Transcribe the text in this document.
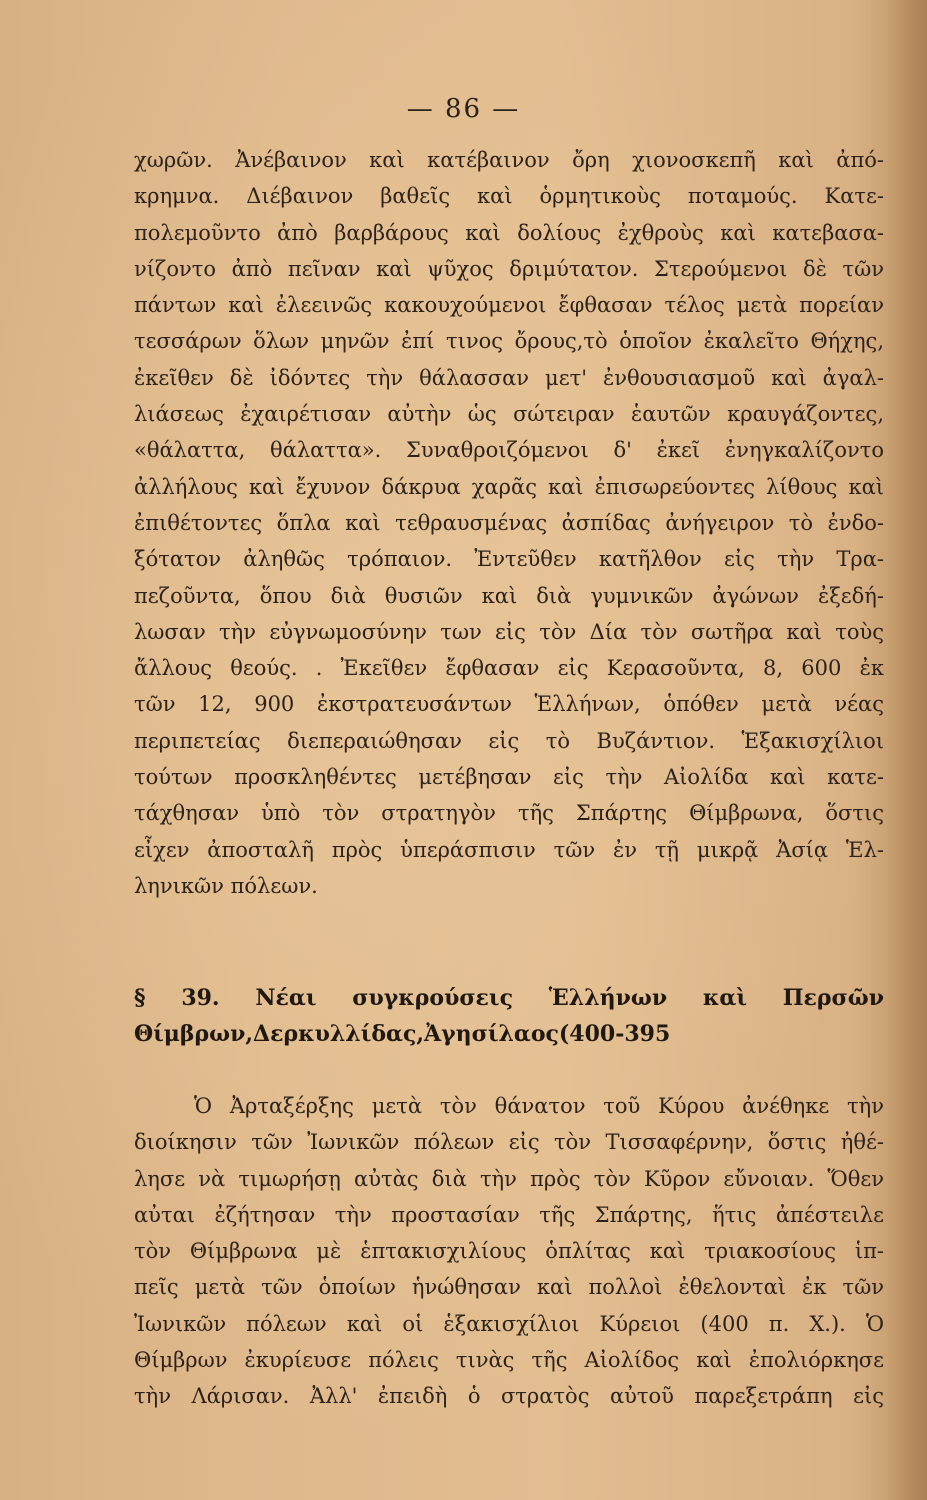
— 86 —
χωρῶν. Ἀνέβαινον καὶ κατέβαινον ὄρη χιονοσκεπῆ καὶ ἀπό-
κρημνα. Διέβαινον βαθεῖς καὶ ὁρμητικοὺς ποταμούς. Κατε-
πολεμοῦντο ἀπὸ βαρβάρους καὶ δολίους ἐχθροὺς καὶ κατεβασα-
νίζοντο ἀπὸ πεῖναν καὶ ψῦχος δριμύτατον. Στερούμενοι δὲ τῶν
πάντων καὶ ἐλεεινῶς κακουχούμενοι ἔφθασαν τέλος μετὰ πορείαν
τεσσάρων ὅλων μηνῶν ἐπί τινος ὄρους,τὸ ὁποῖον ἐκαλεῖτο Θήχης,
ἐκεῖθεν δὲ ἰδόντες τὴν θάλασσαν μετ' ἐνθουσιασμοῦ καὶ ἀγαλ-
λιάσεως ἐχαιρέτισαν αὐτὴν ὡς σώτειραν ἑαυτῶν κραυγάζοντες,
«θάλαττα, θάλαττα». Συναθροιζόμενοι δ' ἐκεῖ ἐνηγκαλίζοντο
ἀλλήλους καὶ ἔχυνον δάκρυα χαρᾶς καὶ ἐπισωρεύοντες λίθους καὶ
ἐπιθέτοντες ὅπλα καὶ τεθραυσμένας ἀσπίδας ἀνήγειρον τὸ ἐνδο-
ξότατον ἀληθῶς τρόπαιον. Ἐντεῦθεν κατῆλθον εἰς τὴν Τρα-
πεζοῦντα, ὅπου διὰ θυσιῶν καὶ διὰ γυμνικῶν ἀγώνων ἐξεδή-
λωσαν τὴν εὐγνωμοσύνην των εἰς τὸν Δία τὸν σωτῆρα καὶ τοὺς
ἄλλους θεούς. . Ἐκεῖθεν ἔφθασαν εἰς Κερασοῦντα, 8, 600 ἐκ
τῶν 12, 900 ἐκστρατευσάντων Ἑλλήνων, ὁπόθεν μετὰ νέας
περιπετείας διεπεραιώθησαν εἰς τὸ Βυζάντιον. Ἑξακισχίλιοι
τούτων προσκληθέντες μετέβησαν εἰς τὴν Αἰολίδα καὶ κατε-
τάχθησαν ὑπὸ τὸν στρατηγὸν τῆς Σπάρτης Θίμβρωνα, ὅστις
εἶχεν ἀποσταλῆ πρὸς ὑπεράσπισιν τῶν ἐν τῇ μικρᾷ Ἀσίᾳ Ἑλ-
ληνικῶν πόλεων.
§ 39. Νέαι συγκρούσεις Ἑλλήνων καὶ Περσῶν
Θίμβρων,Δερκυλλίδας,Ἀγησίλαος(400-395
Ὁ Ἀρταξέρξης μετὰ τὸν θάνατον τοῦ Κύρου ἀνέθηκε τὴν
διοίκησιν τῶν Ἰωνικῶν πόλεων εἰς τὸν Τισσαφέρνην, ὅστις ἠθέ-
λησε νὰ τιμωρήσῃ αὐτὰς διὰ τὴν πρὸς τὸν Κῦρον εὔνοιαν. Ὅθεν
αὐται ἐζήτησαν τὴν προστασίαν τῆς Σπάρτης, ἥτις ἀπέστειλε
τὸν Θίμβρωνα μὲ ἑπτακισχιλίους ὁπλίτας καὶ τριακοσίους ἱπ-
πεῖς μετὰ τῶν ὁποίων ἡνώθησαν καὶ πολλοὶ ἐθελονταὶ ἐκ τῶν
Ἰωνικῶν πόλεων καὶ οἱ ἑξακισχίλιοι Κύρειοι (400 π. Χ.). Ὁ
Θίμβρων ἐκυρίευσε πόλεις τινὰς τῆς Αἰολίδος καὶ ἐπολιόρκησε
τὴν Λάρισαν. Ἀλλ' ἐπειδὴ ὁ στρατὸς αὐτοῦ παρεξετράπη εἰς
